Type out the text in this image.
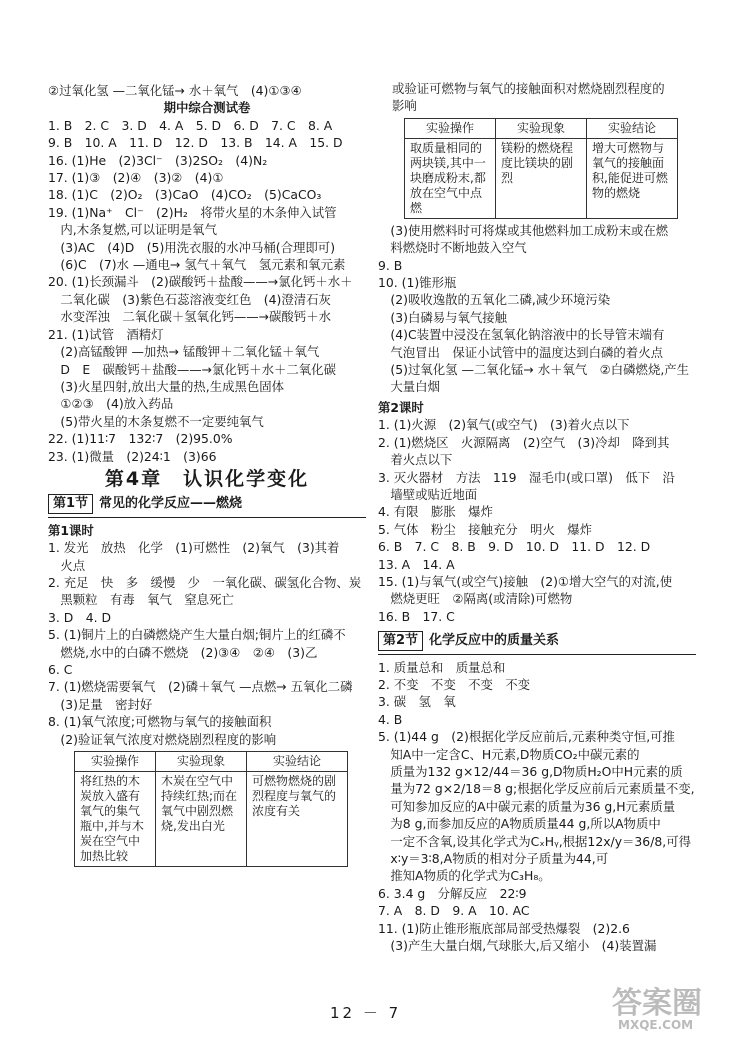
②过氧化氢 —二氧化锰→ 水＋氧气　(4)①③④
期中综合测试卷
1. B　2. C　3. D　4. A　5. D　6. D　7. C　8. A
9. B　10. A　11. D　12. D　13. B　14. A　15. D
16. (1)He　(2)3Cl⁻　(3)2SO₂　(4)N₂
17. (1)③　(2)④　(3)②　(4)①
18. (1)C　(2)O₂　(3)CaO　(4)CO₂　(5)CaCO₃
19. (1)Na⁺　Cl⁻　(2)H₂　将带火星的木条伸入试管
　内,木条复燃,可以证明是氧气
　(3)AC　(4)D　(5)用洗衣服的水冲马桶(合理即可)
　(6)C　(7)水 —通电→ 氢气＋氧气　氢元素和氧元素
20. (1)长颈漏斗　(2)碳酸钙＋盐酸——→氯化钙＋水＋
　二氧化碳　(3)紫色石蕊溶液变红色　(4)澄清石灰
　水变浑浊　二氧化碳＋氢氧化钙——→碳酸钙＋水
21. (1)试管　酒精灯
　(2)高锰酸钾 —加热→ 锰酸钾＋二氧化锰＋氧气
　D　E　碳酸钙＋盐酸——→氯化钙＋水＋二氧化碳
　(3)火星四射,放出大量的热,生成黑色固体
　①②③　(4)放入药品
　(5)带火星的木条复燃不一定要纯氧气
22. (1)11∶7　132∶7　(2)95.0%
23. (1)微量　(2)24∶1　(3)66
第4章　认识化学变化
第1节 常见的化学反应——燃烧
第1课时
1. 发光　放热　化学　(1)可燃性　(2)氧气　(3)其着
　火点
2. 充足　快　多　缓慢　少　一氧化碳、碳氢化合物、炭
　黑颗粒　有毒　氧气　窒息死亡
3. D　4. D
5. (1)铜片上的白磷燃烧产生大量白烟;铜片上的红磷不
　燃烧,水中的白磷不燃烧　(2)③④　②④　(3)乙
6. C
7. (1)燃烧需要氧气　(2)磷＋氧气 —点燃→ 五氧化二磷
　(3)足量　密封好
8. (1)氧气浓度;可燃物与氧气的接触面积
　(2)验证氧气浓度对燃烧剧烈程度的影响
实验操作	实验现象	实验结论
将红热的木炭放入盛有氧气的集气瓶中,并与木炭在空气中加热比较	木炭在空气中持续红热;而在氧气中剧烈燃烧,发出白光	可燃物燃烧的剧烈程度与氧气的浓度有关
或验证可燃物与氧气的接触面积对燃烧剧烈程度的
影响
实验操作	实验现象	实验结论
取质量相同的两块镁,其中一块磨成粉末,都放在空气中点燃	镁粉的燃烧程度比镁块的剧烈	增大可燃物与氧气的接触面积,能促进可燃物的燃烧
　(3)使用燃料时可将煤或其他燃料加工成粉末或在燃
　料燃烧时不断地鼓入空气
9. B
10. (1)锥形瓶
　(2)吸收逸散的五氧化二磷,减少环境污染
　(3)白磷易与氧气接触
　(4)C装置中浸没在氢氧化钠溶液中的长导管末端有
　气泡冒出　保证小试管中的温度达到白磷的着火点
　(5)过氧化氢 —二氧化锰→ 水＋氧气　②白磷燃烧,产生
　大量白烟
第2课时
1. (1)火源　(2)氧气(或空气)　(3)着火点以下
2. (1)燃烧区　火源隔离　(2)空气　(3)冷却　降到其
　着火点以下
3. 灭火器材　方法　119　湿毛巾(或口罩)　低下　沿
　墙壁或贴近地面
4. 有限　膨胀　爆炸
5. 气体　粉尘　接触充分　明火　爆炸
6. B　7. C　8. B　9. D　10. D　11. D　12. D
13. A　14. A
15. (1)与氧气(或空气)接触　(2)①增大空气的对流,使
　燃烧更旺　②隔离(或清除)可燃物
16. B　17. C
第2节 化学反应中的质量关系
1. 质量总和　质量总和
2. 不变　不变　不变　不变
3. 碳　氢　氧
4. B
5. (1)44 g　(2)根据化学反应前后,元素种类守恒,可推
　知A中一定含C、H元素,D物质CO₂中碳元素的
　质量为132 g×12/44＝36 g,D物质H₂O中H元素的质
　量为72 g×2/18＝8 g;根据化学反应前后元素质量不变,
　可知参加反应的A中碳元素的质量为36 g,H元素质量
　为8 g,而参加反应的A物质质量44 g,所以A物质中
　一定不含氧,设其化学式为CₓHᵧ,根据12x/y＝36/8,可得
　x∶y＝3∶8,A物质的相对分子质量为44,可
　推知A物质的化学式为C₃H₈。
6. 3.4 g　分解反应　22∶9
7. A　8. D　9. A　10. AC
11. (1)防止锥形瓶底部局部受热爆裂　(2)2.6
　(3)产生大量白烟,气球胀大,后又缩小　(4)装置漏
12 － 7	答案圈
MXQE.COM
